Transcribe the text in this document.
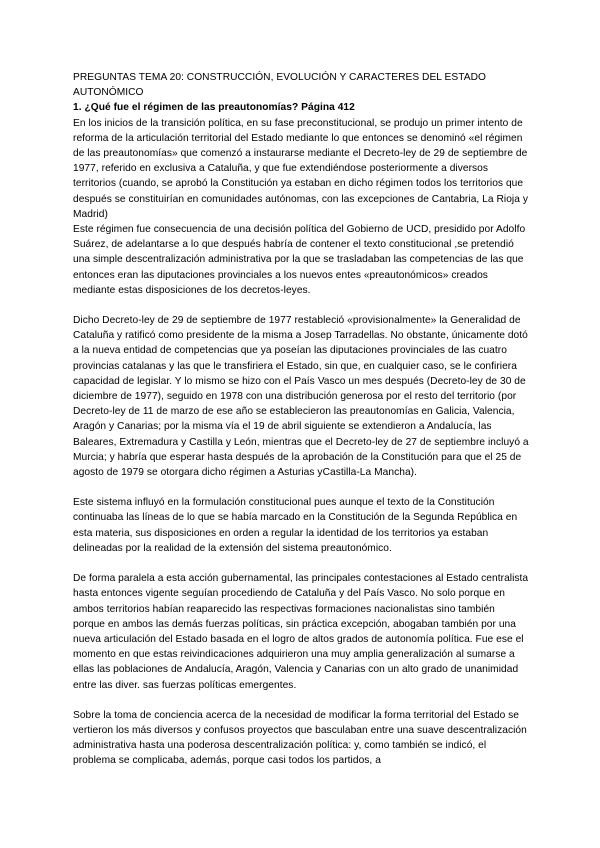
PREGUNTAS TEMA 20: CONSTRUCCIÓN, EVOLUCIÓN Y CARACTERES DEL ESTADO AUTONÓMICO

1. ¿Qué fue el régimen de las preautonomías? Página 412

En los inicios de la transición política, en su fase preconstitucional, se produjo un primer intento de reforma de la articulación territorial del Estado mediante lo que entonces se denominó «el régimen de las preautonomías» que comenzó a instaurarse mediante el Decreto-ley de 29 de septiembre de 1977, referido en exclusiva a Cataluña, y que fue extendiéndose posteriormente a diversos territorios (cuando, se aprobó la Constitución ya estaban en dicho régimen todos los territorios que después se constituirían en comunidades autónomas, con las excepciones de Cantabria, La Rioja y Madrid)

Este régimen fue consecuencia de una decisión política del Gobierno de UCD, presidido por Adolfo Suárez, de adelantarse a lo que después habría de contener el texto constitucional ,se pretendió una simple descentralización administrativa por la que se trasladaban las competencias de las que entonces eran las diputaciones provinciales a los nuevos entes «preautonómicos» creados mediante estas disposiciones de los decretos-leyes.

Dicho Decreto-ley de 29 de septiembre de 1977 restableció «provisionalmente» la Generalidad de Cataluña y ratificó como presidente de la misma a Josep Tarradellas. No obstante, únicamente dotó a la nueva entidad de competencias que ya poseían las diputaciones provinciales de las cuatro provincias catalanas y las que le transfiriera el Estado, sin que, en cualquier caso, se le confiriera capacidad de legislar. Y lo mismo se hizo con el País Vasco un mes después (Decreto-ley de 30 de diciembre de 1977), seguido en 1978 con una distribución generosa por el resto del territorio (por Decreto-ley de 11 de marzo de ese año se establecieron las preautonomías en Galicia, Valencia, Aragón y Canarias; por la misma vía el 19 de abril siguiente se extendieron a Andalucía, las Baleares, Extremadura y Castilla y León, mientras que el Decreto-ley de 27 de septiembre incluyó a Murcia; y habría que esperar hasta después de la aprobación de la Constitución para que el 25 de agosto de 1979 se otorgara dicho régimen a Asturias yCastilla-La Mancha).

Este sistema influyó en la formulación constitucional pues aunque el texto de la Constitución continuaba las líneas de lo que se había marcado en la Constitución de la Segunda República en esta materia, sus disposiciones en orden a regular la identidad de los territorios ya estaban delineadas por la realidad de la extensión del sistema preautonómico.

De forma paralela a esta acción gubernamental, las principales contestaciones al Estado centralista hasta entonces vigente seguían procediendo de Cataluña y del País Vasco. No solo porque en ambos territorios habían reaparecido las respectivas formaciones nacionalistas sino también porque en ambos las demás fuerzas políticas, sin práctica excepción, abogaban también por una nueva articulación del Estado basada en el logro de altos grados de autonomía política. Fue ese el momento en que estas reivindicaciones adquirieron una muy amplia generalización al sumarse a ellas las poblaciones de Andalucía, Aragón, Valencia y Canarias con un alto grado de unanimidad entre las diver. sas fuerzas políticas emergentes.

Sobre la toma de conciencia acerca de la necesidad de modificar la forma territorial del Estado se vertieron los más diversos y confusos proyectos que basculaban entre una suave descentralización administrativa hasta una poderosa descentralización política: y, como también se indicó, el problema se complicaba, además, porque casi todos los partidos, a
